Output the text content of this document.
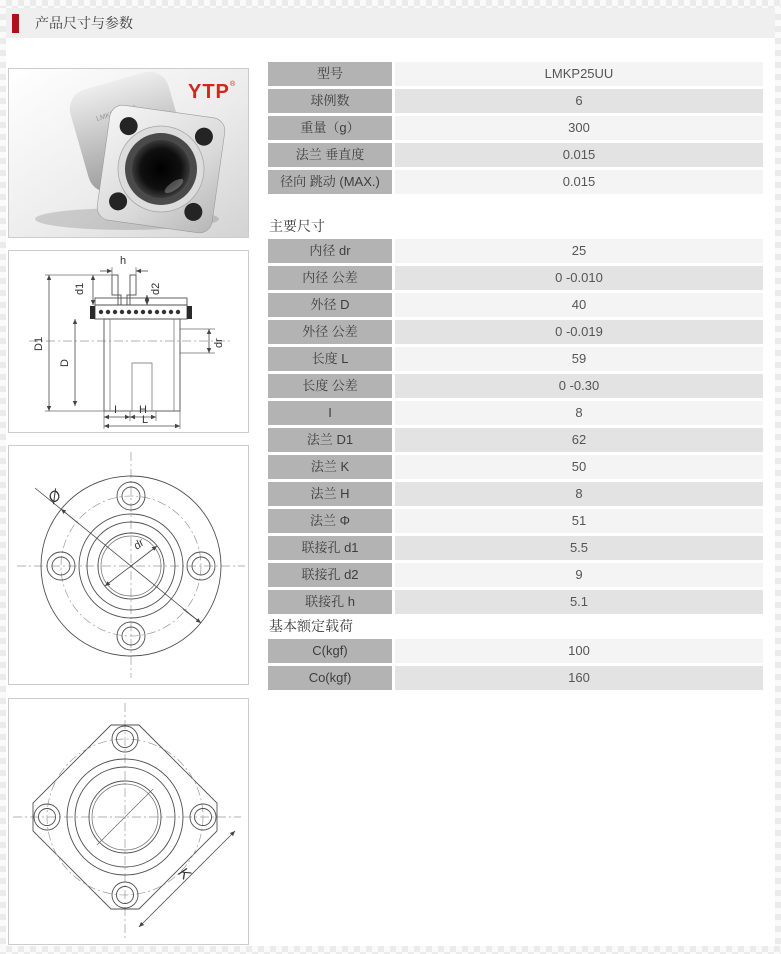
产品尺寸与参数
YTP ®
h
d1	d2
D1
D
dr
I H
L
Ø
dr
K
型号	LMKP25UU
球例数	6
重量（g）	300
法兰 垂直度	0.015
径向 跳动 (MAX.)	0.015
主要尺寸
内径 dr	25
内径 公差	0 -0.010
外径 D	40
外径 公差	0 -0.019
长度 L	59
长度 公差	0 -0.30
I	8
法兰 D1	62
法兰 K	50
法兰 H	8
法兰 Φ	51
联接孔 d1	5.5
联接孔 d2	9
联接孔 h	5.1
基本额定载荷
C(kgf)	100
Co(kgf)	160
